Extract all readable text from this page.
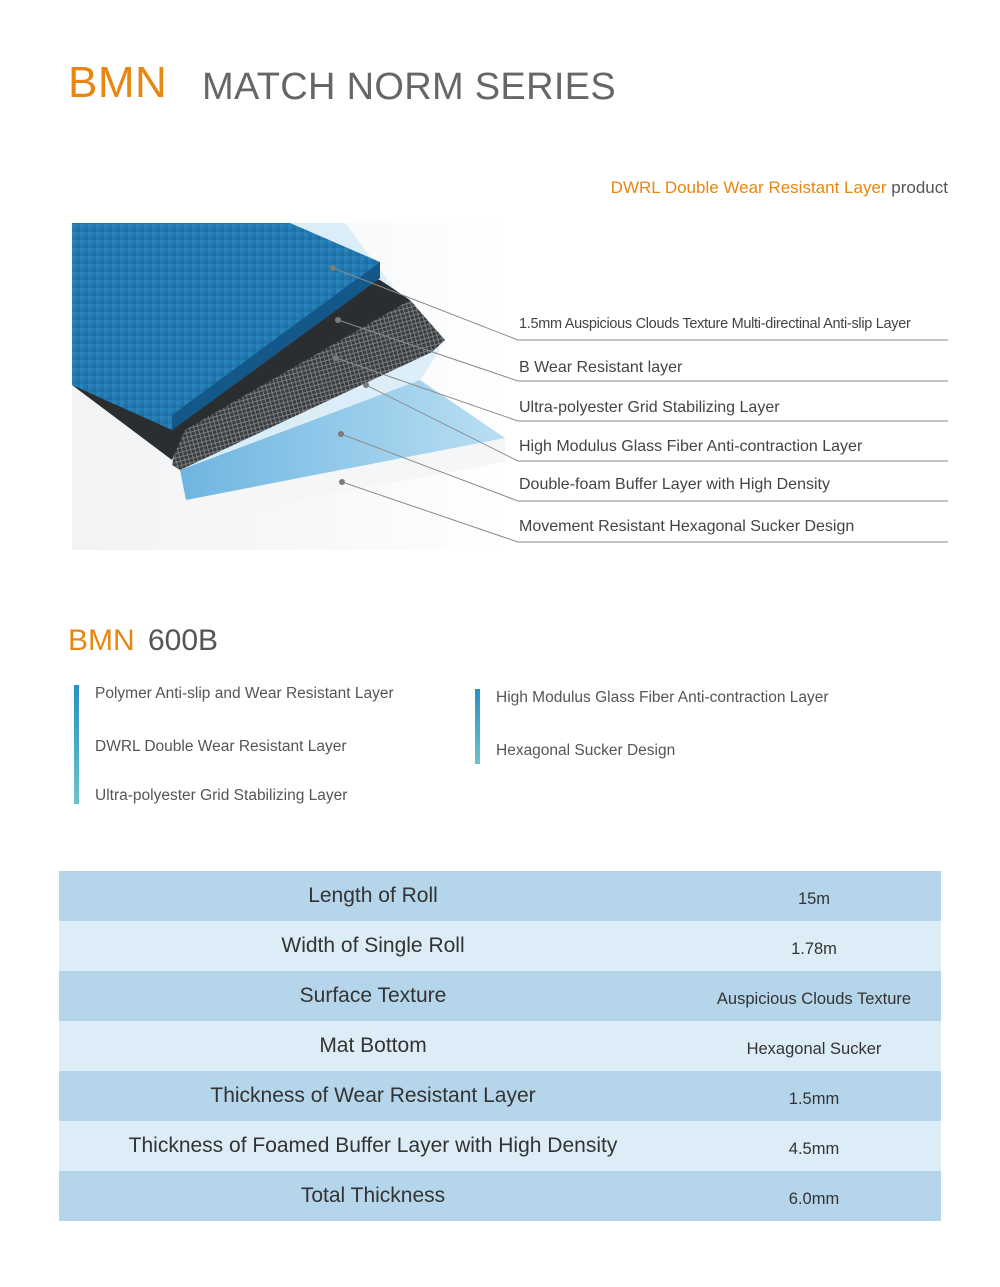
BMN MATCH NORM SERIES
DWRL Double Wear Resistant Layer product
1.5mm Auspicious Clouds Texture Multi-directinal Anti-slip Layer
B Wear Resistant layer
Ultra-polyester Grid Stabilizing Layer
High Modulus Glass Fiber Anti-contraction Layer
Double-foam Buffer Layer with High Density
Movement Resistant Hexagonal Sucker Design
BMN 600B
Polymer Anti-slip and Wear Resistant Layer
DWRL Double Wear Resistant Layer
Ultra-polyester Grid Stabilizing Layer
High Modulus Glass Fiber Anti-contraction Layer
Hexagonal Sucker Design
Length of Roll	15m
Width of Single Roll	1.78m
Surface Texture	Auspicious Clouds Texture
Mat Bottom	Hexagonal Sucker
Thickness of Wear Resistant Layer	1.5mm
Thickness of Foamed Buffer Layer with High Density	4.5mm
Total Thickness	6.0mm
